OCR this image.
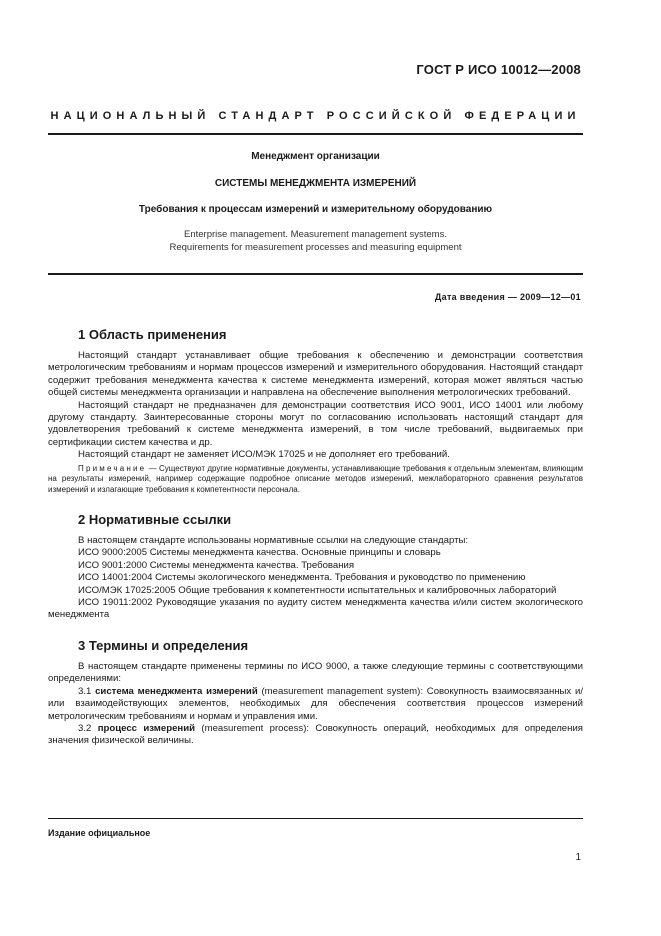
ГОСТ Р ИСО 10012—2008
НАЦИОНАЛЬНЫЙ СТАНДАРТ РОССИЙСКОЙ ФЕДЕРАЦИИ
Менеджмент организации
СИСТЕМЫ МЕНЕДЖМЕНТА ИЗМЕРЕНИЙ
Требования к процессам измерений и измерительному оборудованию
Enterprise management. Measurement management systems.
Requirements for measurement processes and measuring equipment
Дата введения — 2009—12—01
1 Область применения

Настоящий стандарт устанавливает общие требования к обеспечению и демонстрации соответствия метрологическим требованиям и нормам процессов измерений и измерительного оборудования. Настоящий стандарт содержит требования менеджмента качества к системе менеджмента измерений, которая может являться частью общей системы менеджмента организации и направлена на обеспечение выполнения метрологических требований.

Настоящий стандарт не предназначен для демонстрации соответствия ИСО 9001, ИСО 14001 или любому другому стандарту. Заинтересованные стороны могут по согласованию использовать настоящий стандарт для удовлетворения требований к системе менеджмента измерений, в том числе требований, выдвигаемых при сертификации систем качества и др.

Настоящий стандарт не заменяет ИСО/МЭК 17025 и не дополняет его требований.

Примечание — Существуют другие нормативные документы, устанавливающие требования к отдельным элементам, влияющим на результаты измерений, например содержащие подробное описание методов измерений, межлабораторного сравнения результатов измерений и излагающие требования к компетентности персонала.

2 Нормативные ссылки

В настоящем стандарте использованы нормативные ссылки на следующие стандарты:

ИСО 9000:2005 Системы менеджмента качества. Основные принципы и словарь

ИСО 9001:2000 Системы менеджмента качества. Требования

ИСО 14001:2004 Системы экологического менеджмента. Требования и руководство по применению

ИСО/МЭК 17025:2005 Общие требования к компетентности испытательных и калибровочных лабораторий

ИСО 19011:2002 Руководящие указания по аудиту систем менеджмента качества и/или систем экологического менеджмента

3 Термины и определения

В настоящем стандарте применены термины по ИСО 9000, а также следующие термины с соответствующими определениями:

3.1 система менеджмента измерений (measurement management system): Совокупность взаимосвязанных и/или взаимодействующих элементов, необходимых для обеспечения соответствия процессов измерений метрологическим требованиям и нормам и управления ими.

3.2 процесс измерений (measurement process): Совокупность операций, необходимых для определения значения физической величины.

Издание официальное
1
